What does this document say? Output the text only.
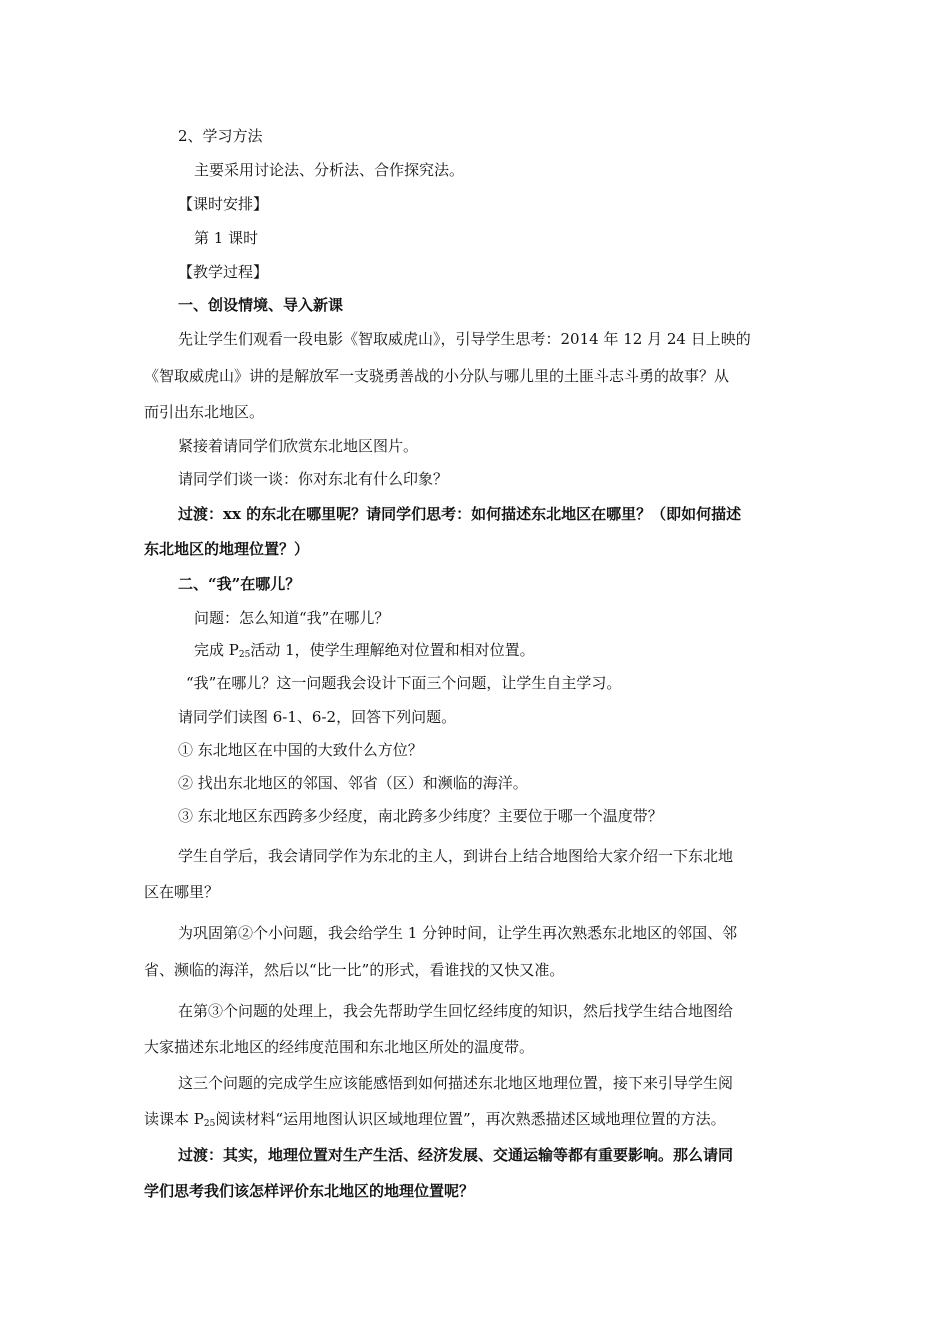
2、学习方法
主要采用讨论法、分析法、合作探究法。
【课时安排】
第 1 课时
【教学过程】
一、创设情境、导入新课
先让学生们观看一段电影《智取威虎山》，引导学生思考：2014 年 12 月 24 日上映的
《智取威虎山》讲的是解放军一支骁勇善战的小分队与哪儿里的土匪斗志斗勇的故事？从
而引出东北地区。
紧接着请同学们欣赏东北地区图片。
请同学们谈一谈：你对东北有什么印象？
过渡：xx 的东北在哪里呢？请同学们思考：如何描述东北地区在哪里？（即如何描述
东北地区的地理位置？）
二、“我”在哪儿？
问题：怎么知道“我”在哪儿？
完成 $P_{25}$活动 1，使学生理解绝对位置和相对位置。
“我”在哪儿？这一问题我会设计下面三个问题，让学生自主学习。
请同学们读图 6-1、6-2，回答下列问题。
① 东北地区在中国的大致什么方位？
② 找出东北地区的邻国、邻省（区）和濒临的海洋。
③ 东北地区东西跨多少经度，南北跨多少纬度？主要位于哪一个温度带？
学生自学后，我会请同学作为东北的主人，到讲台上结合地图给大家介绍一下东北地
区在哪里？
为巩固第②个小问题，我会给学生 1 分钟时间，让学生再次熟悉东北地区的邻国、邻
省、濒临的海洋，然后以“比一比”的形式，看谁找的又快又准。
在第③个问题的处理上，我会先帮助学生回忆经纬度的知识，然后找学生结合地图给
大家描述东北地区的经纬度范围和东北地区所处的温度带。
这三个问题的完成学生应该能感悟到如何描述东北地区地理位置，接下来引导学生阅
读课本 $P_{25}$阅读材料“运用地图认识区域地理位置”，再次熟悉描述区域地理位置的方法。
过渡：其实，地理位置对生产生活、经济发展、交通运输等都有重要影响。那么请同
学们思考我们该怎样评价东北地区的地理位置呢？
